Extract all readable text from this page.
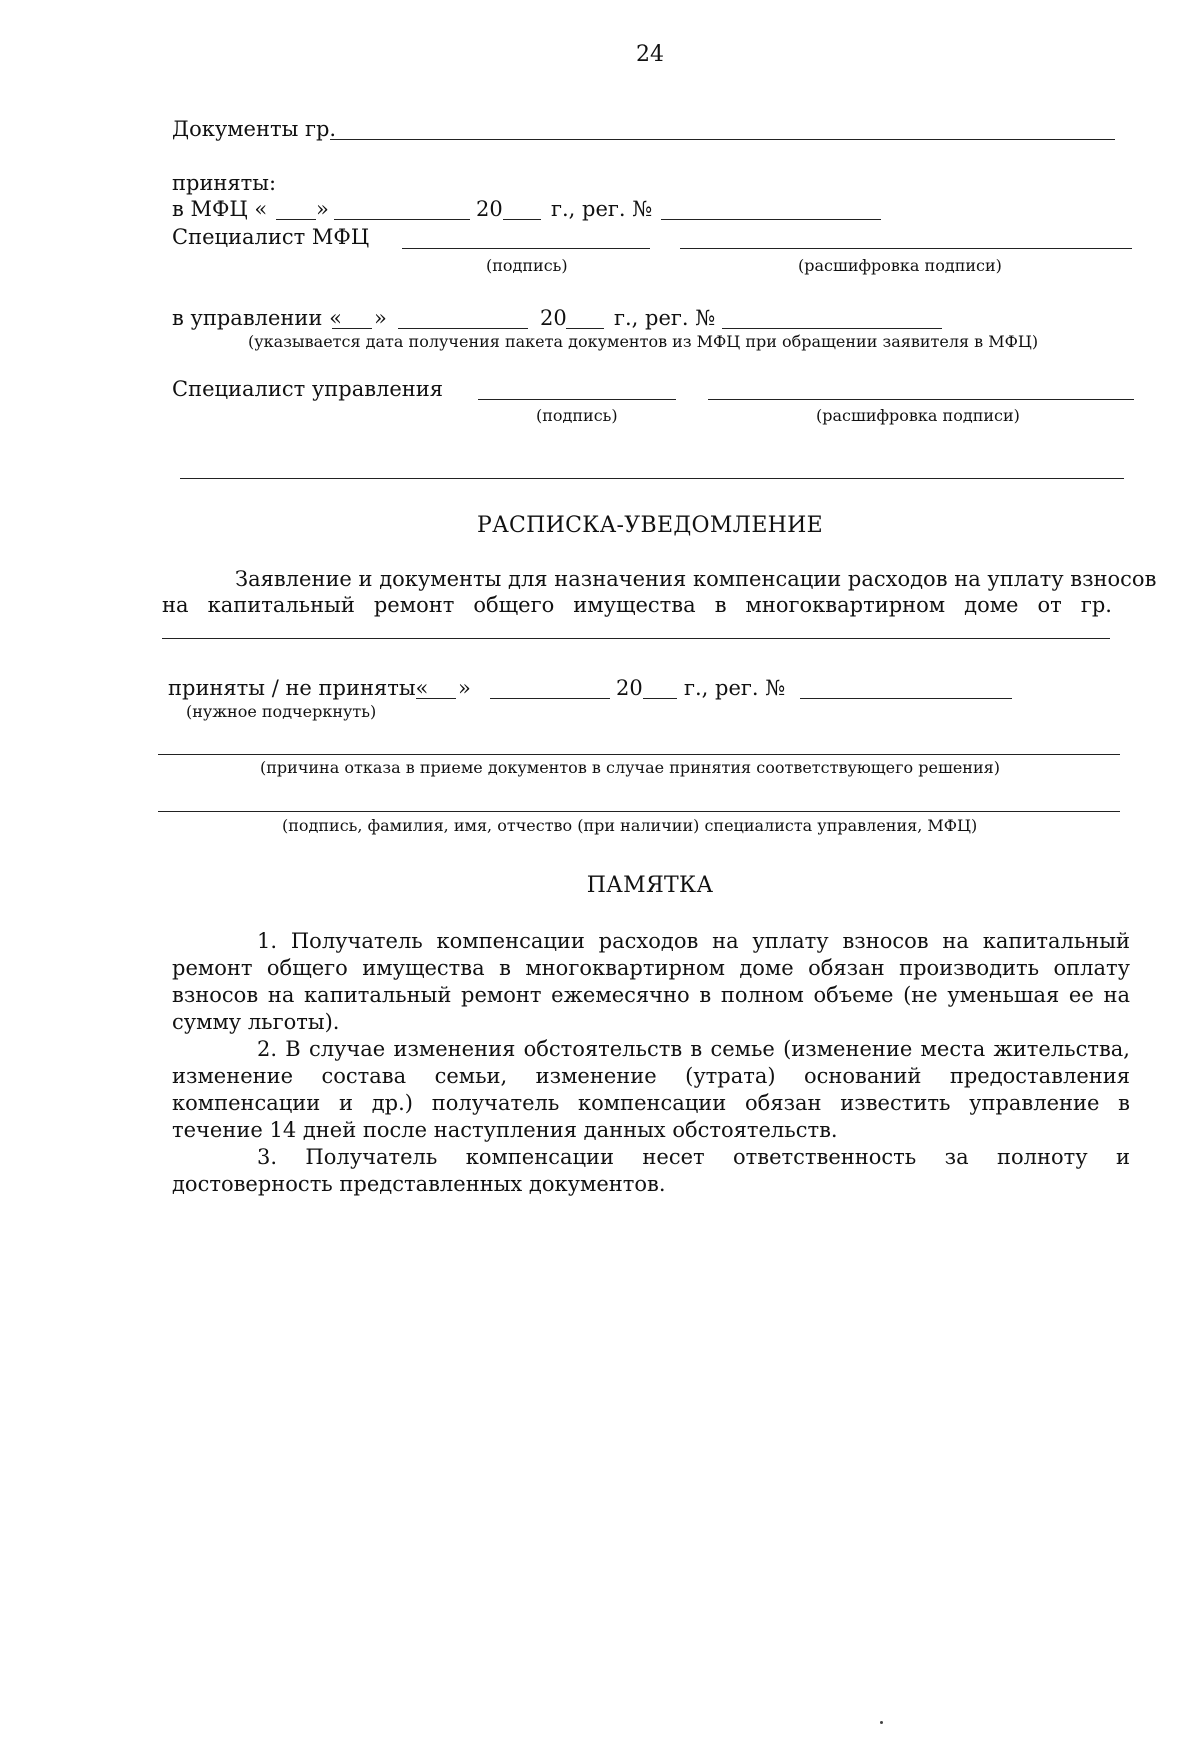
24
Документы гр.
приняты:
в МФЦ « »	20 г., рег. №
Специалист МФЦ
(подпись)	(расшифровка подписи)
в управлении « »	20 г., рег. №
(указывается дата получения пакета документов из МФЦ при обращении заявителя в МФЦ)
Специалист управления
(подпись)	(расшифровка подписи)
РАСПИСКА-УВЕДОМЛЕНИЕ
Заявление и документы для назначения компенсации расходов на уплату взносов
на капитальный ремонт общего имущества в многоквартирном доме от гр.
приняты / не приняты« »	20 г., рег. №
(нужное подчеркнуть)
(причина отказа в приеме документов в случае принятия соответствующего решения)
(подпись, фамилия, имя, отчество (при наличии) специалиста управления, МФЦ)
ПАМЯТКА

1. Получатель компенсации расходов на уплату взносов на капитальный ремонт общего имущества в многоквартирном доме обязан производить оплату взносов на капитальный ремонт ежемесячно в полном объеме (не уменьшая ее на сумму льготы).

2. В случае изменения обстоятельств в семье (изменение места жительства, изменение состава семьи, изменение (утрата) оснований предоставления компенсации и др.) получатель компенсации обязан известить управление в течение 14 дней после наступления данных обстоятельств.

3. Получатель компенсации несет ответственность за полноту и достоверность представленных документов.
